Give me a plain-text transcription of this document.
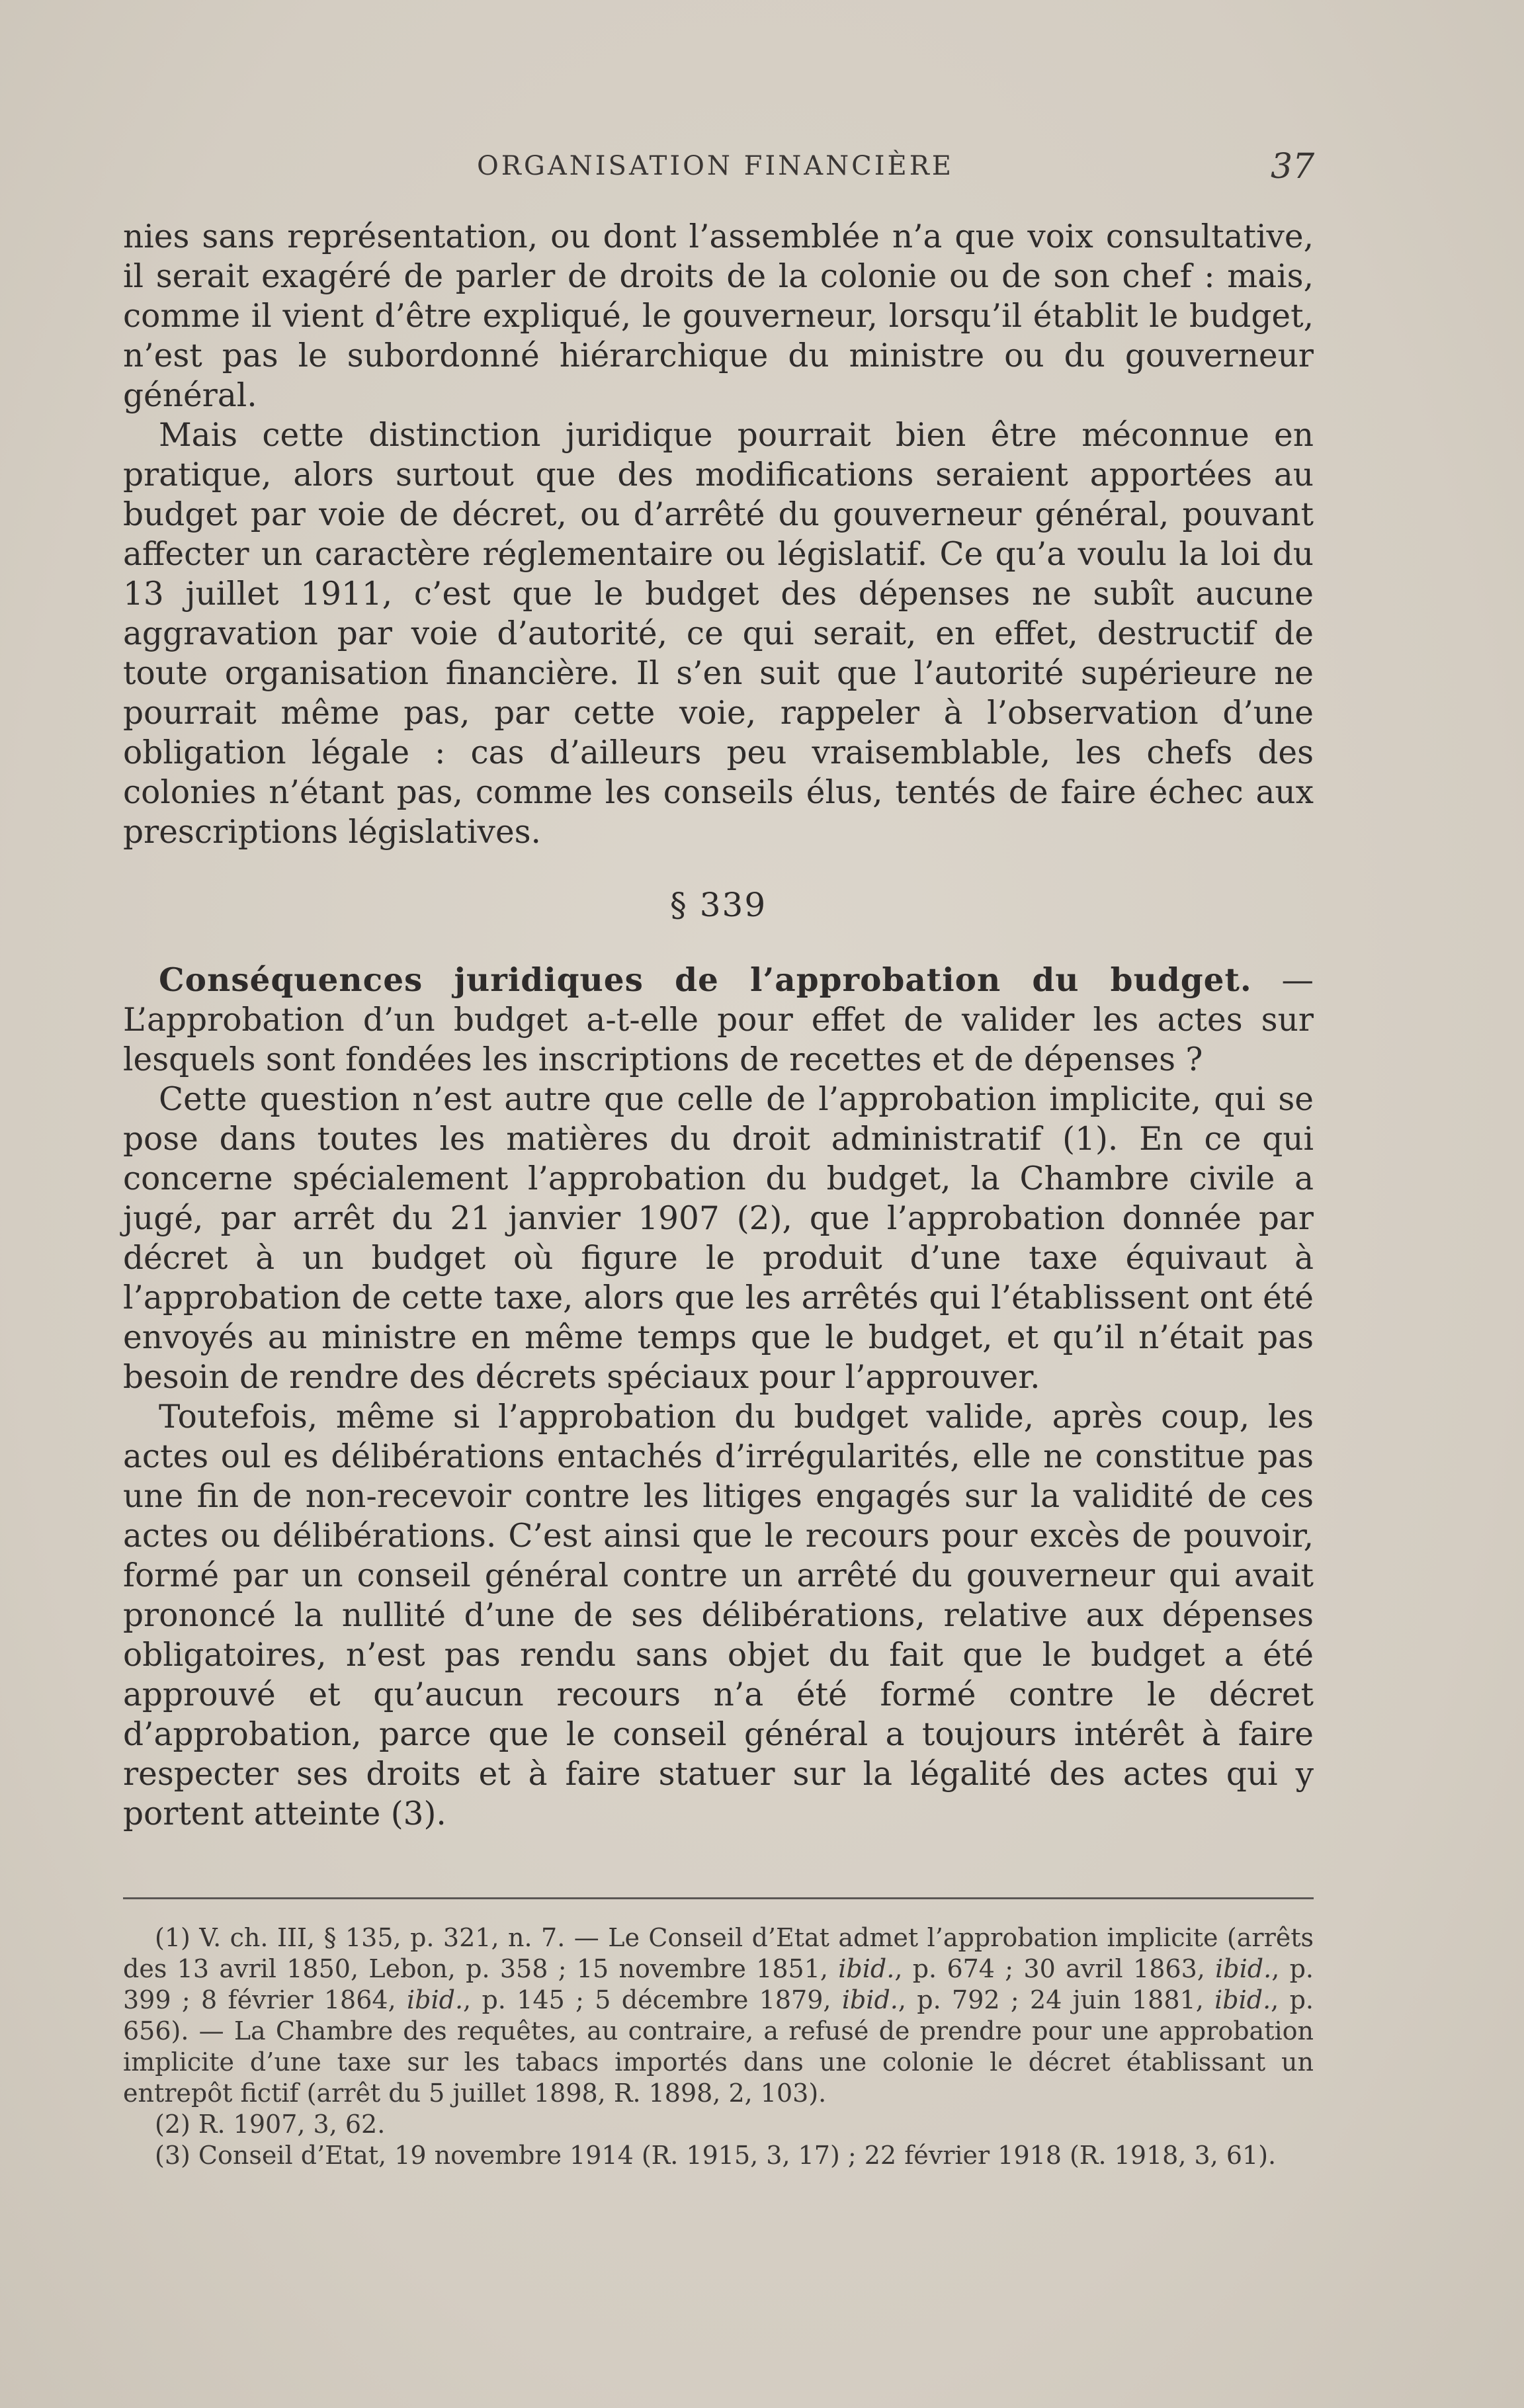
ORGANISATION FINANCIÈRE	37

nies sans représentation, ou dont l’assemblée n’a que voix consultative, il serait exagéré de parler de droits de la colonie ou de son chef : mais, comme il vient d’être expliqué, le gouverneur, lorsqu’il établit le budget, n’est pas le subordonné hiérarchique du ministre ou du gouverneur général.

Mais cette distinction juridique pourrait bien être méconnue en pratique, alors surtout que des modifications seraient apportées au budget par voie de décret, ou d’arrêté du gouverneur général, pouvant affecter un caractère réglementaire ou législatif. Ce qu’a voulu la loi du 13 juillet 1911, c’est que le budget des dépenses ne subît aucune aggravation par voie d’autorité, ce qui serait, en effet, destructif de toute organisation financière. Il s’en suit que l’autorité supérieure ne pourrait même pas, par cette voie, rappeler à l’observation d’une obligation légale : cas d’ailleurs peu vraisemblable, les chefs des colonies n’étant pas, comme les conseils élus, tentés de faire échec aux prescriptions législatives.

§ 339

Conséquences juridiques de l’approbation du budget. — L’approbation d’un budget a-t-elle pour effet de valider les actes sur lesquels sont fondées les inscriptions de recettes et de dépenses ?

Cette question n’est autre que celle de l’approbation implicite, qui se pose dans toutes les matières du droit administratif (1). En ce qui concerne spécialement l’approbation du budget, la Chambre civile a jugé, par arrêt du 21 janvier 1907 (2), que l’approbation donnée par décret à un budget où figure le produit d’une taxe équivaut à l’approbation de cette taxe, alors que les arrêtés qui l’établissent ont été envoyés au ministre en même temps que le budget, et qu’il n’était pas besoin de rendre des décrets spéciaux pour l’approuver.

Toutefois, même si l’approbation du budget valide, après coup, les actes oul es délibérations entachés d’irrégularités, elle ne constitue pas une fin de non-recevoir contre les litiges engagés sur la validité de ces actes ou délibérations. C’est ainsi que le recours pour excès de pouvoir, formé par un conseil général contre un arrêté du gouverneur qui avait prononcé la nullité d’une de ses délibérations, relative aux dépenses obligatoires, n’est pas rendu sans objet du fait que le budget a été approuvé et qu’aucun recours n’a été formé contre le décret d’approbation, parce que le conseil général a toujours intérêt à faire respecter ses droits et à faire statuer sur la légalité des actes qui y portent atteinte (3).

(1) V. ch. III, § 135, p. 321, n. 7. — Le Conseil d’Etat admet l’approbation implicite (arrêts des 13 avril 1850, Lebon, p. 358 ; 15 novembre 1851, ibid., p. 674 ; 30 avril 1863, ibid., p. 399 ; 8 février 1864, ibid., p. 145 ; 5 décembre 1879, ibid., p. 792 ; 24 juin 1881, ibid., p. 656). — La Chambre des requêtes, au contraire, a refusé de prendre pour une approbation implicite d’une taxe sur les tabacs importés dans une colonie le décret établissant un entrepôt fictif (arrêt du 5 juillet 1898, R. 1898, 2, 103).

(2) R. 1907, 3, 62.

(3) Conseil d’Etat, 19 novembre 1914 (R. 1915, 3, 17) ; 22 février 1918 (R. 1918, 3, 61).
